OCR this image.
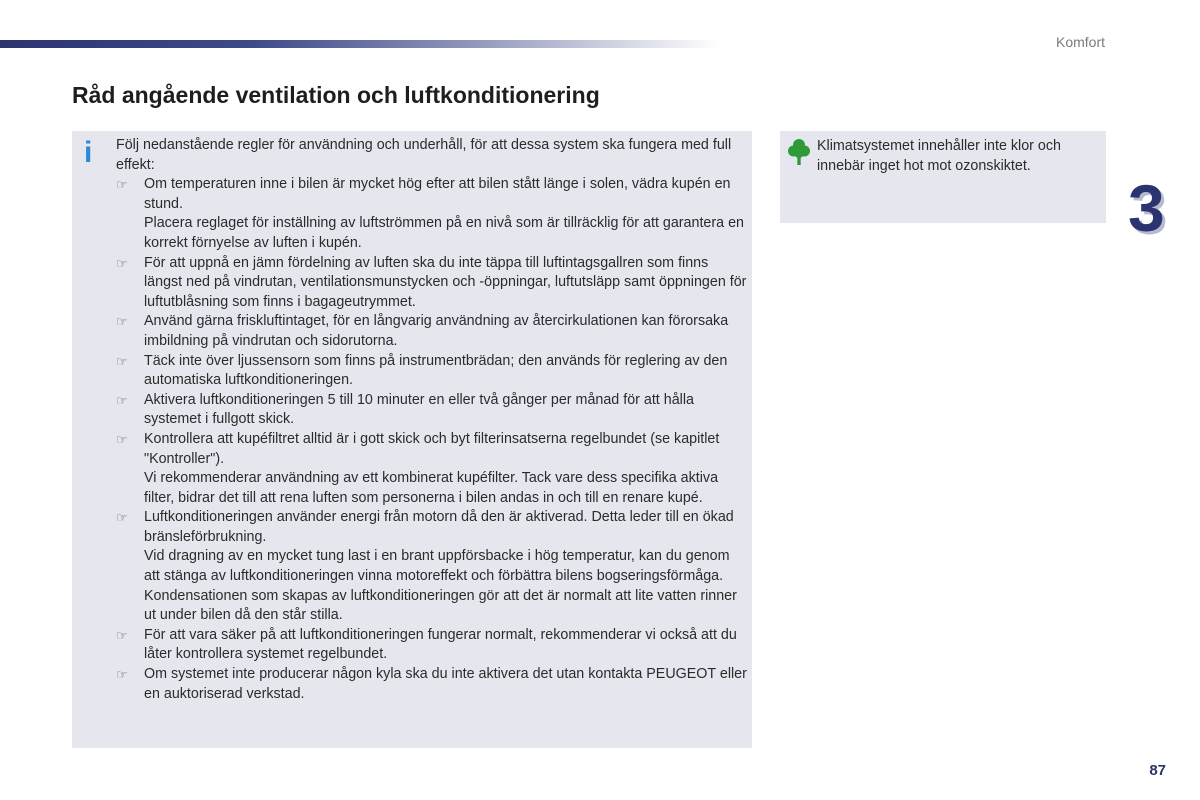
Komfort
Råd angående ventilation och luftkonditionering
i Följ nedanstående regler för användning och underhåll, för att dessa system ska fungera med full effekt:

☞ Om temperaturen inne i bilen är mycket hög efter att bilen stått länge i solen, vädra kupén en stund.

Placera reglaget för inställning av luftströmmen på en nivå som är tillräcklig för att garantera en korrekt förnyelse av luften i kupén.

☞ För att uppnå en jämn fördelning av luften ska du inte täppa till luftintagsgallren som finns längst ned på vindrutan, ventilationsmunstycken och -öppningar, luftutsläpp samt öppningen för luftutblåsning som finns i bagageutrymmet.

☞ Använd gärna friskluftintaget, för en långvarig användning av återcirkulationen kan förorsaka imbildning på vindrutan och sidorutorna.

☞ Täck inte över ljussensorn som finns på instrumentbrädan; den används för reglering av den automatiska luftkonditioneringen.

☞ Aktivera luftkonditioneringen 5 till 10 minuter en eller två gånger per månad för att hålla systemet i fullgott skick.

☞ Kontrollera att kupéfiltret alltid är i gott skick och byt filterinsatserna regelbundet (se kapitlet "Kontroller").

Vi rekommenderar användning av ett kombinerat kupéfilter. Tack vare dess specifika aktiva filter, bidrar det till att rena luften som personerna i bilen andas in och till en renare kupé.

☞ Luftkonditioneringen använder energi från motorn då den är aktiverad. Detta leder till en ökad bränsleförbrukning.

Vid dragning av en mycket tung last i en brant uppförsbacke i hög temperatur, kan du genom att stänga av luftkonditioneringen vinna motoreffekt och förbättra bilens bogseringsförmåga.

Kondensationen som skapas av luftkonditioneringen gör att det är normalt att lite vatten rinner ut under bilen då den står stilla.

☞ För att vara säker på att luftkonditioneringen fungerar normalt, rekommenderar vi också att du låter kontrollera systemet regelbundet.

☞ Om systemet inte producerar någon kyla ska du inte aktivera det utan kontakta PEUGEOT eller en auktoriserad verkstad.

Klimatsystemet innehåller inte klor och innebär inget hot mot ozonskiktet.

3
87
